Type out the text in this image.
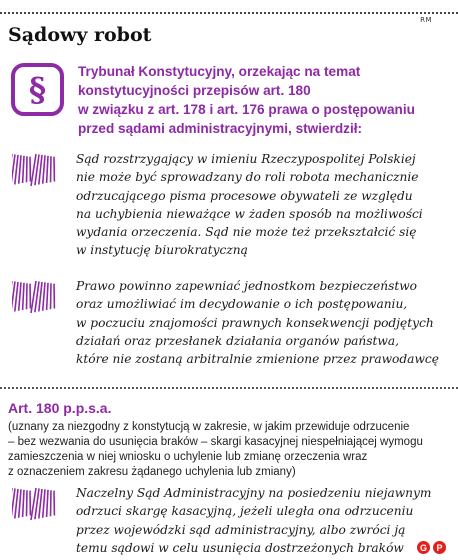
RM
Sądowy robot
§ Trybunał Konstytucyjny, orzekając na temat
konstytucyjności przepisów art. 180
w związku z art. 178 i art. 176 prawa o postępowaniu
przed sądami administracyjnymi, stwierdził:

Sąd rozstrzygający w imieniu Rzeczypospolitej Polskiej
nie może być sprowadzany do roli robota mechanicznie
odrzucającego pisma procesowe obywateli ze względu
na uchybienia nieważące w żaden sposób na możliwości
wydania orzeczenia. Sąd nie może też przekształcić się
w instytucję biurokratyczną

Prawo powinno zapewniać jednostkom bezpieczeństwo
oraz umożliwiać im decydowanie o ich postępowaniu,
w poczuciu znajomości prawnych konsekwencji podjętych
działań oraz przesłanek działania organów państwa,
które nie zostaną arbitralnie zmienione przez prawodawcę

Art. 180 p.p.s.a.

(uznany za niezgodny z konstytucją w zakresie, w jakim przewiduje odrzucenie
– bez wezwania do usunięcia braków – skargi kasacyjnej niespełniającej wymogu
zamieszczenia w niej wniosku o uchylenie lub zmianę orzeczenia wraz
z oznaczeniem zakresu żądanego uchylenia lub zmiany)

Naczelny Sąd Administracyjny na posiedzeniu niejawnym
odrzuci skargę kasacyjną, jeżeli uległa ona odrzuceniu
przez wojewódzki sąd administracyjny, albo zwróci ją
temu sądowi w celu usunięcia dostrzeżonych braków	G	P
